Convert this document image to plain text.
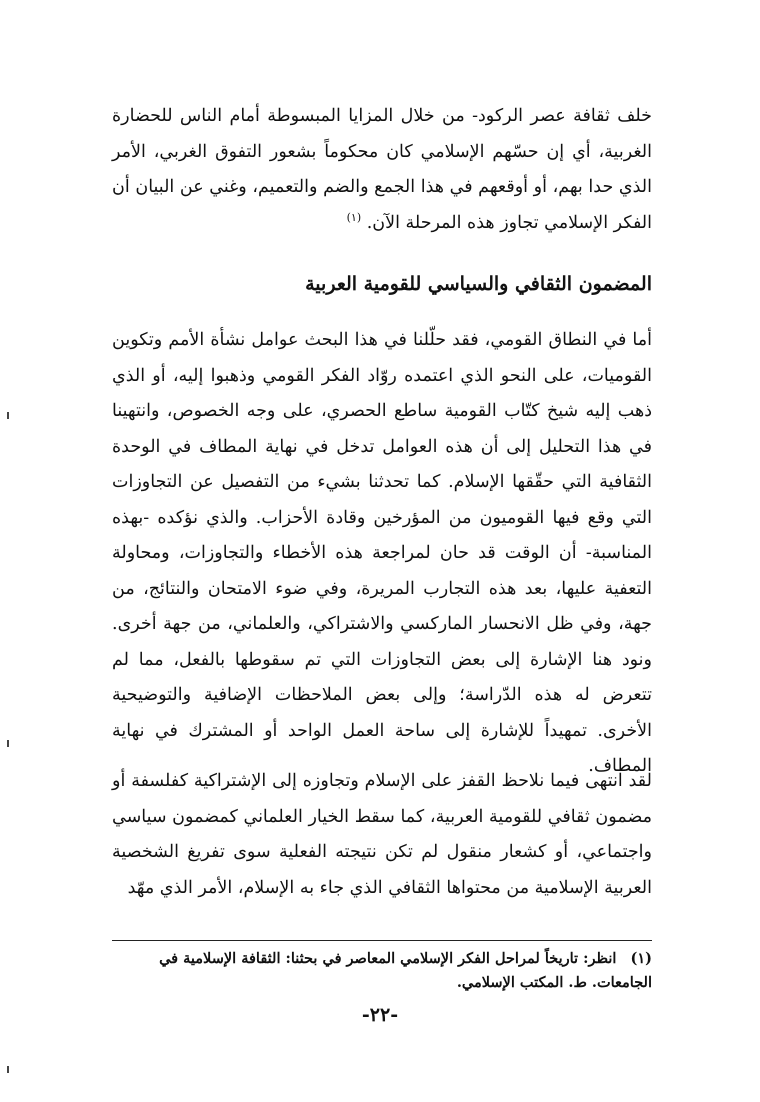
خلف ثقافة عصر الركود- من خلال المزايا المبسوطة أمام الناس للحضارة الغربية، أي إن حسّهم الإسلامي كان محكوماً بشعور التفوق الغربي، الأمر الذي حدا بهم، أو أوقعهم في هذا الجمع والضم والتعميم، وغني عن البيان أن الفكر الإسلامي تجاوز هذه المرحلة الآن. $^{(١)}$

المضمون الثقافي والسياسي للقومية العربية

أما في النطاق القومي، فقد حلّلنا في هذا البحث عوامل نشأة الأمم وتكوين القوميات، على النحو الذي اعتمده روّاد الفكر القومي وذهبوا إليه، أو الذي ذهب إليه شيخ كتّاب القومية ساطع الحصري، على وجه الخصوص، وانتهينا في هذا التحليل إلى أن هذه العوامل تدخل في نهاية المطاف في الوحدة الثقافية التي حقّقها الإسلام. كما تحدثنا بشيء من التفصيل عن التجاوزات التي وقع فيها القوميون من المؤرخين وقادة الأحزاب. والذي نؤكده -بهذه المناسبة- أن الوقت قد حان لمراجعة هذه الأخطاء والتجاوزات، ومحاولة التعفية عليها، بعد هذه التجارب المريرة، وفي ضوء الامتحان والنتائج، من جهة، وفي ظل الانحسار الماركسي والاشتراكي، والعلماني، من جهة أخرى. ونود هنا الإشارة إلى بعض التجاوزات التي تم سقوطها بالفعل، مما لم تتعرض له هذه الدّراسة؛ وإلى بعض الملاحظات الإضافية والتوضيحية الأخرى. تمهيداً للإشارة إلى ساحة العمل الواحد أو المشترك في نهاية المطاف.

لقد انتهى فيما نلاحظ القفز على الإسلام وتجاوزه إلى الإشتراكية كفلسفة أو مضمون ثقافي للقومية العربية، كما سقط الخيار العلماني كمضمون سياسي واجتماعي، أو كشعار منقول لم تكن نتيجته الفعلية سوى تفريغ الشخصية العربية الإسلامية من محتواها الثقافي الذي جاء به الإسلام، الأمر الذي مهّد

(١)انظر: تاريخاً لمراحل الفكر الإسلامي المعاصر في بحثنا: الثقافة الإسلامية في الجامعات. ط. المكتب الإسلامي.

-٢٢-
